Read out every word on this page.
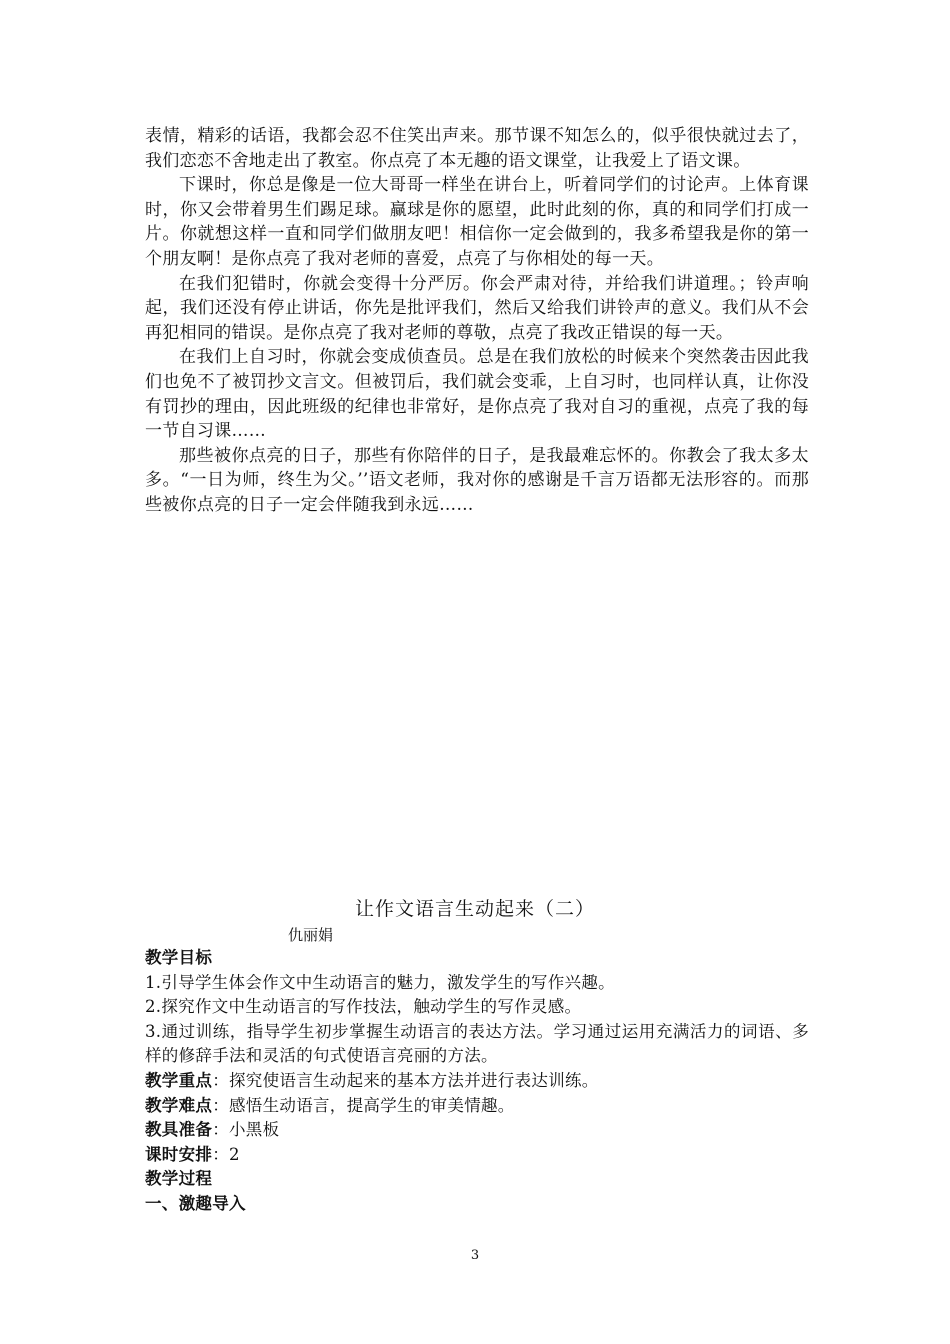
表情，精彩的话语，我都会忍不住笑出声来。那节课不知怎么的，似乎很快就过去了，我们恋恋不舍地走出了教室。你点亮了本无趣的语文课堂，让我爱上了语文课。

下课时，你总是像是一位大哥哥一样坐在讲台上，听着同学们的讨论声。上体育课时，你又会带着男生们踢足球。赢球是你的愿望，此时此刻的你，真的和同学们打成一片。你就想这样一直和同学们做朋友吧！相信你一定会做到的，我多希望我是你的第一个朋友啊！是你点亮了我对老师的喜爱，点亮了与你相处的每一天。

在我们犯错时，你就会变得十分严厉。你会严肃对待，并给我们讲道理。；铃声响起，我们还没有停止讲话，你先是批评我们，然后又给我们讲铃声的意义。我们从不会再犯相同的错误。是你点亮了我对老师的尊敬，点亮了我改正错误的每一天。

在我们上自习时，你就会变成侦查员。总是在我们放松的时候来个突然袭击因此我们也免不了被罚抄文言文。但被罚后，我们就会变乖，上自习时，也同样认真，让你没有罚抄的理由，因此班级的纪律也非常好，是你点亮了我对自习的重视，点亮了我的每一节自习课……

那些被你点亮的日子，那些有你陪伴的日子，是我最难忘怀的。你教会了我太多太多。“一日为师，终生为父。’’语文老师，我对你的感谢是千言万语都无法形容的。而那些被你点亮的日子一定会伴随我到永远……

让作文语言生动起来（二）
仇丽娟
教学目标
1.引导学生体会作文中生动语言的魅力，激发学生的写作兴趣。
2.探究作文中生动语言的写作技法，触动学生的写作灵感。
3.通过训练，指导学生初步掌握生动语言的表达方法。学习通过运用充满活力的词语、多样的修辞手法和灵活的句式使语言亮丽的方法。
教学重点：探究使语言生动起来的基本方法并进行表达训练。
教学难点：感悟生动语言，提高学生的审美情趣。
教具准备：小黑板
课时安排：2
教学过程
一、激趣导入
3
